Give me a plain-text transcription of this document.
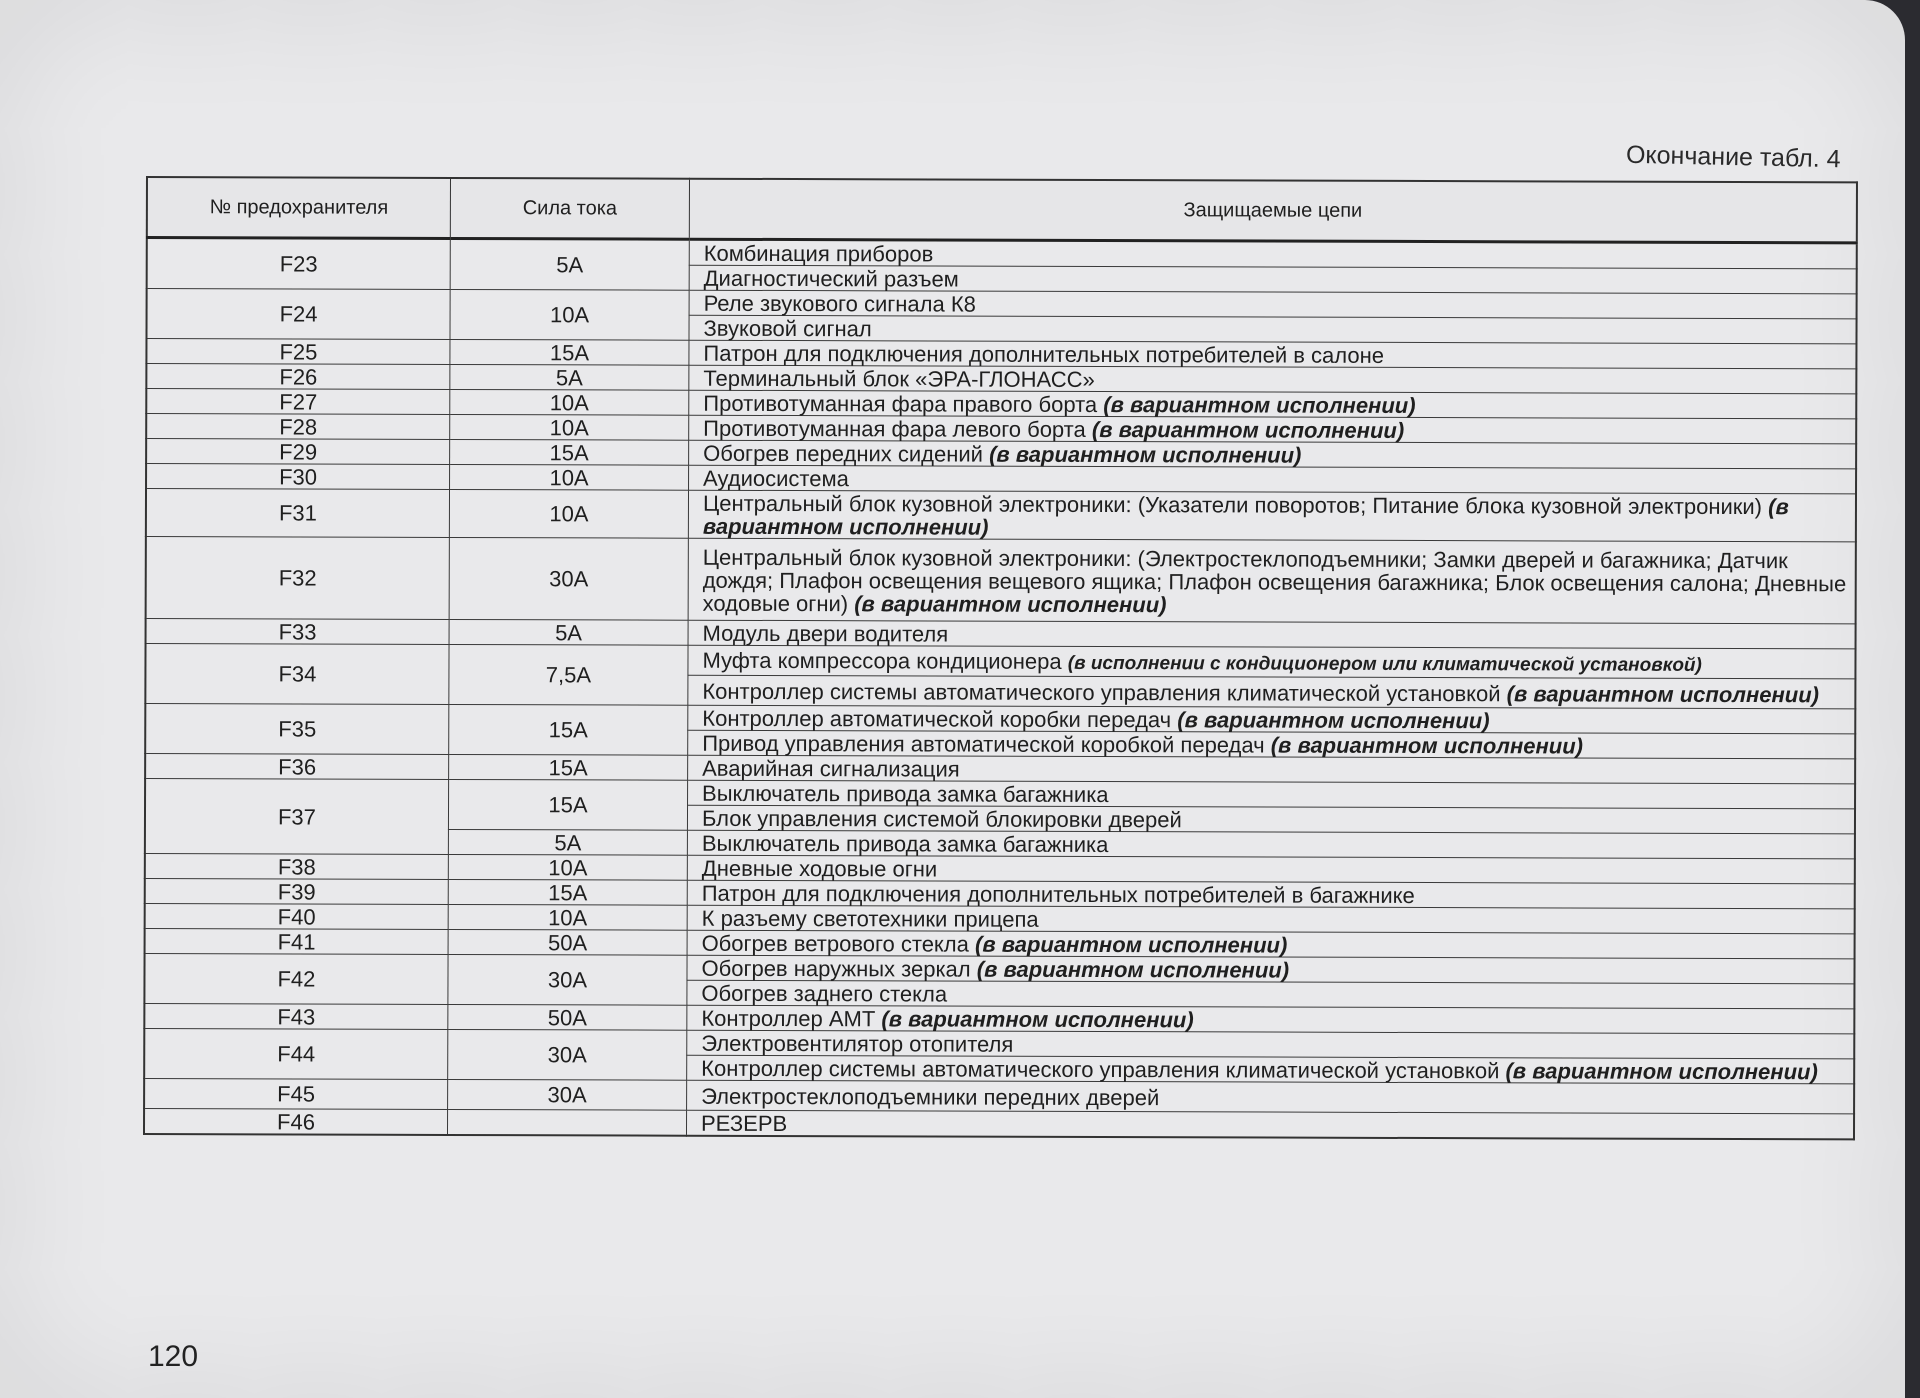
Окончание табл. 4
№ предохранителя	Сила тока	Защищаемые цепи
F23	5A	Комбинация приборов
		Диагностический разъем
F24	10A	Реле звукового сигнала К8
		Звуковой сигнал
F25	15A	Патрон для подключения дополнительных потребителей в салоне
F26	5A	Терминальный блок «ЭРА-ГЛОНАСС»
F27	10A	Противотуманная фара правого борта (в вариантном исполнении)
F28	10A	Противотуманная фара левого борта (в вариантном исполнении)
F29	15A	Обогрев передних сидений (в вариантном исполнении)
F30	10A	Аудиосистема
F31	10A	Центральный блок кузовной электроники: (Указатели поворотов; Питание блока кузовной электроники) (в вариантном исполнении)
F32	30A	Центральный блок кузовной электроники: (Электростеклоподъемники; Замки дверей и багажника; Датчик дождя; Плафон освещения вещевого ящика; Плафон освещения багажника; Блок освещения салона; Дневные ходовые огни) (в вариантном исполнении)
F33	5A	Модуль двери водителя
F34	7,5A	Муфта компрессора кондиционера (в исполнении с кондиционером или климатической установкой)
		Контроллер системы автоматического управления климатической установкой (в вариантном исполнении)
F35	15A	Контроллер автоматической коробки передач (в вариантном исполнении)
		Привод управления автоматической коробкой передач (в вариантном исполнении)
F36	15A	Аварийная сигнализация
F37	15A	Выключатель привода замка багажника
		Блок управления системой блокировки дверей
	5A	Выключатель привода замка багажника
F38	10A	Дневные ходовые огни
F39	15A	Патрон для подключения дополнительных потребителей в багажнике
F40	10A	К разъему светотехники прицепа
F41	50A	Обогрев ветрового стекла (в вариантном исполнении)
F42	30A	Обогрев наружных зеркал (в вариантном исполнении)
		Обогрев заднего стекла
F43	50A	Контроллер АМТ (в вариантном исполнении)
F44	30A	Электровентилятор отопителя
		Контроллер системы автоматического управления климатической установкой (в вариантном исполнении)
F45	30A	Электростеклоподъемники передних дверей
F46		РЕЗЕРВ
120
